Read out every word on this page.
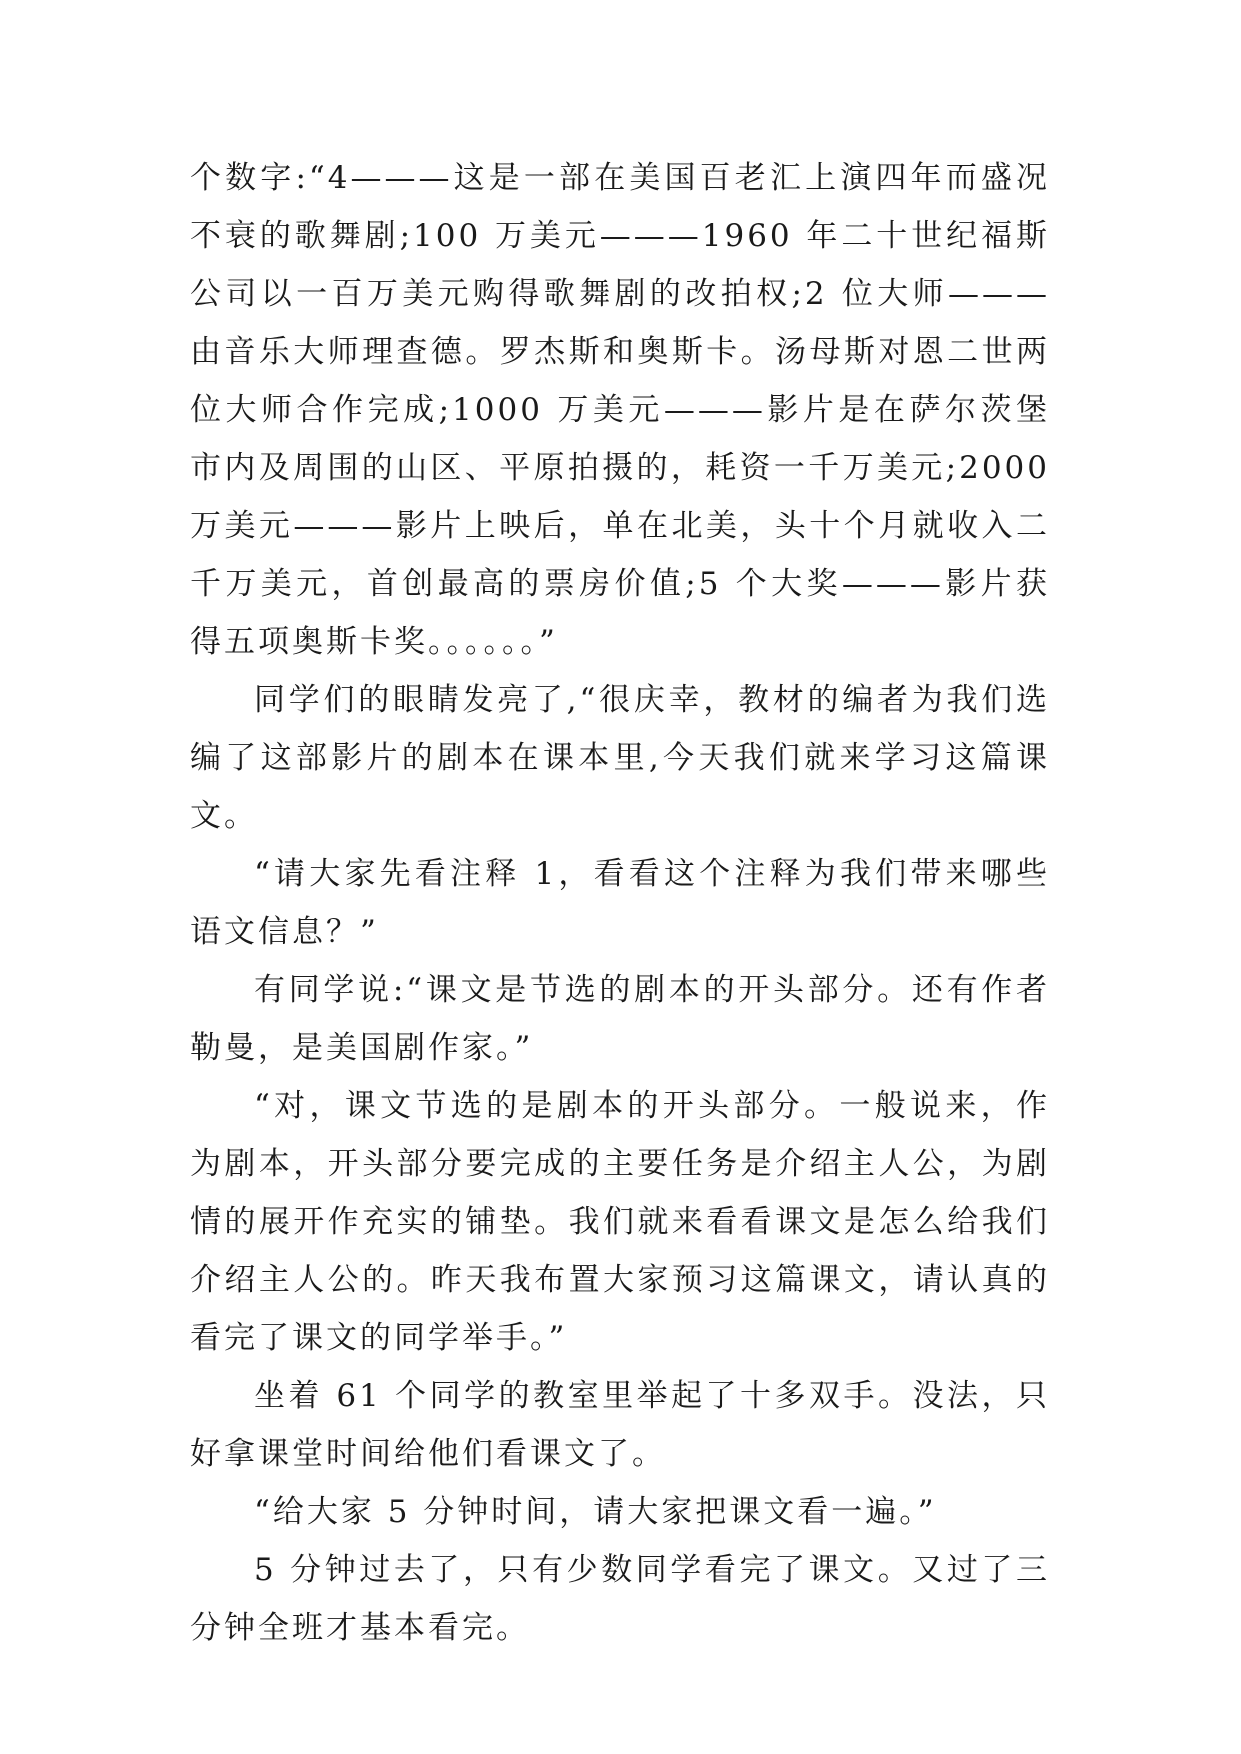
个数字:“4———这是一部在美国百老汇上演四年而盛况不衰的歌舞剧;100 万美元———1960 年二十世纪福斯公司以一百万美元购得歌舞剧的改拍权;2 位大师———由音乐大师理查德。罗杰斯和奥斯卡。汤母斯对恩二世两位大师合作完成;1000 万美元———影片是在萨尔茨堡市内及周围的山区、平原拍摄的，耗资一千万美元;2000 万美元———影片上映后，单在北美，头十个月就收入二千万美元，首创最高的票房价值;5 个大奖———影片获得五项奥斯卡奖。。。。。。”

同学们的眼睛发亮了,“很庆幸，教材的编者为我们选编了这部影片的剧本在课本里,今天我们就来学习这篇课文。

“请大家先看注释 1，看看这个注释为我们带来哪些语文信息？”

有同学说:“课文是节选的剧本的开头部分。还有作者勒曼，是美国剧作家。”

“对，课文节选的是剧本的开头部分。一般说来，作为剧本，开头部分要完成的主要任务是介绍主人公，为剧情的展开作充实的铺垫。我们就来看看课文是怎么给我们介绍主人公的。昨天我布置大家预习这篇课文，请认真的看完了课文的同学举手。”

坐着 61 个同学的教室里举起了十多双手。没法，只好拿课堂时间给他们看课文了。

“给大家 5 分钟时间，请大家把课文看一遍。”

5 分钟过去了，只有少数同学看完了课文。又过了三分钟全班才基本看完。
